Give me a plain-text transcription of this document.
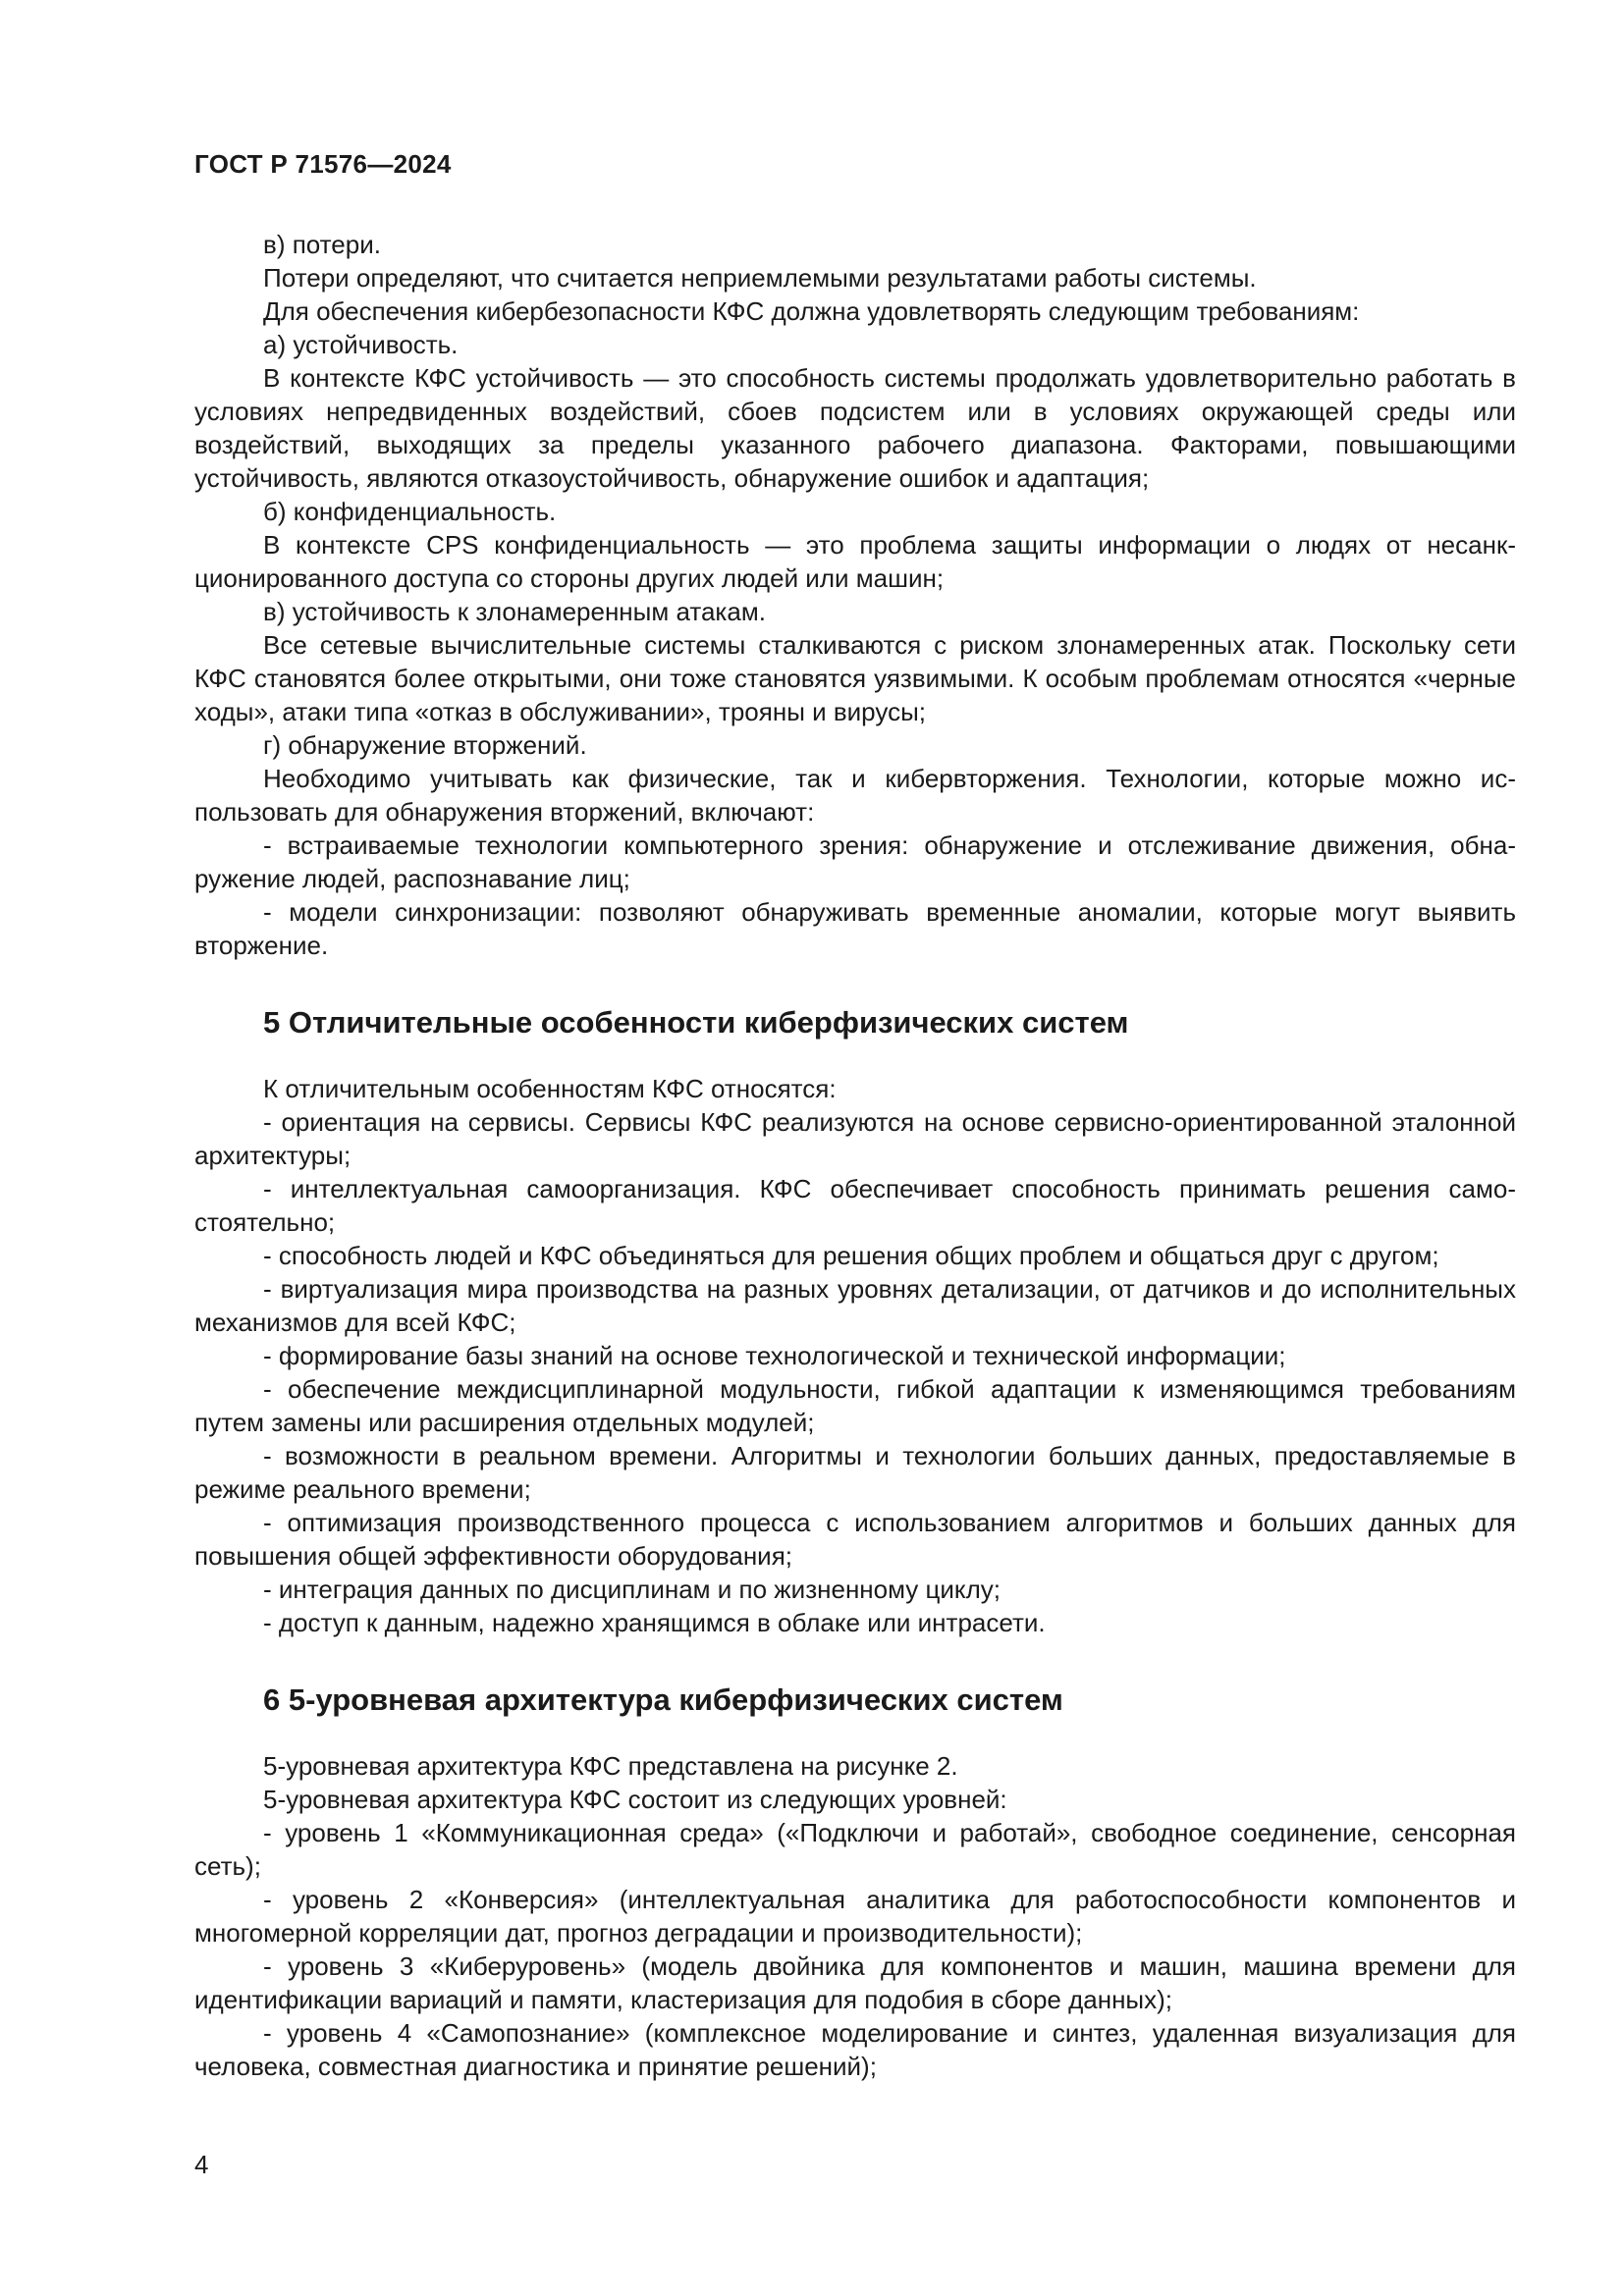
ГОСТ Р 71576—2024

в) потери.

Потери определяют, что считается неприемлемыми результатами работы системы.

Для обеспечения кибербезопасности КФС должна удовлетворять следующим требованиям:

а) устойчивость.

В контексте КФС устойчивость — это способность системы продолжать удовлетворительно работать в условиях непредвиденных воздействий, сбоев подсистем или в условиях окружающей среды или воздействий, выходящих за пределы указанного рабочего диапазона. Факторами, повышающими устойчивость, являются отказоустойчивость, обнаружение ошибок и адаптация;

б) конфиденциальность.

В контексте CPS конфиденциальность — это проблема защиты информации о людях от несанкционированного доступа со стороны других людей или машин;

в) устойчивость к злонамеренным атакам.

Все сетевые вычислительные системы сталкиваются с риском злонамеренных атак. Поскольку сети КФС становятся более открытыми, они тоже становятся уязвимыми. К особым проблемам относятся «черные ходы», атаки типа «отказ в обслуживании», трояны и вирусы;

г) обнаружение вторжений.

Необходимо учитывать как физические, так и кибервторжения. Технологии, которые можно использовать для обнаружения вторжений, включают:

- встраиваемые технологии компьютерного зрения: обнаружение и отслеживание движения, обнаружение людей, распознавание лиц;

- модели синхронизации: позволяют обнаруживать временные аномалии, которые могут выявить вторжение.

5 Отличительные особенности киберфизических систем

К отличительным особенностям КФС относятся:

- ориентация на сервисы. Сервисы КФС реализуются на основе сервисно-ориентированной эталонной архитектуры;

- интеллектуальная самоорганизация. КФС обеспечивает способность принимать решения самостоятельно;

- способность людей и КФС объединяться для решения общих проблем и общаться друг с другом;

- виртуализация мира производства на разных уровнях детализации, от датчиков и до исполнительных механизмов для всей КФС;

- формирование базы знаний на основе технологической и технической информации;

- обеспечение междисциплинарной модульности, гибкой адаптации к изменяющимся требованиям путем замены или расширения отдельных модулей;

- возможности в реальном времени. Алгоритмы и технологии больших данных, предоставляемые в режиме реального времени;

- оптимизация производственного процесса с использованием алгоритмов и больших данных для повышения общей эффективности оборудования;

- интеграция данных по дисциплинам и по жизненному циклу;

- доступ к данным, надежно хранящимся в облаке или интрасети.

6 5-уровневая архитектура киберфизических систем

5-уровневая архитектура КФС представлена на рисунке 2.

5-уровневая архитектура КФС состоит из следующих уровней:

- уровень 1 «Коммуникационная среда» («Подключи и работай», свободное соединение, сенсорная сеть);

- уровень 2 «Конверсия» (интеллектуальная аналитика для работоспособности компонентов и многомерной корреляции дат, прогноз деградации и производительности);

- уровень 3 «Киберуровень» (модель двойника для компонентов и машин, машина времени для идентификации вариаций и памяти, кластеризация для подобия в сборе данных);

- уровень 4 «Самопознание» (комплексное моделирование и синтез, удаленная визуализация для человека, совместная диагностика и принятие решений);

4
